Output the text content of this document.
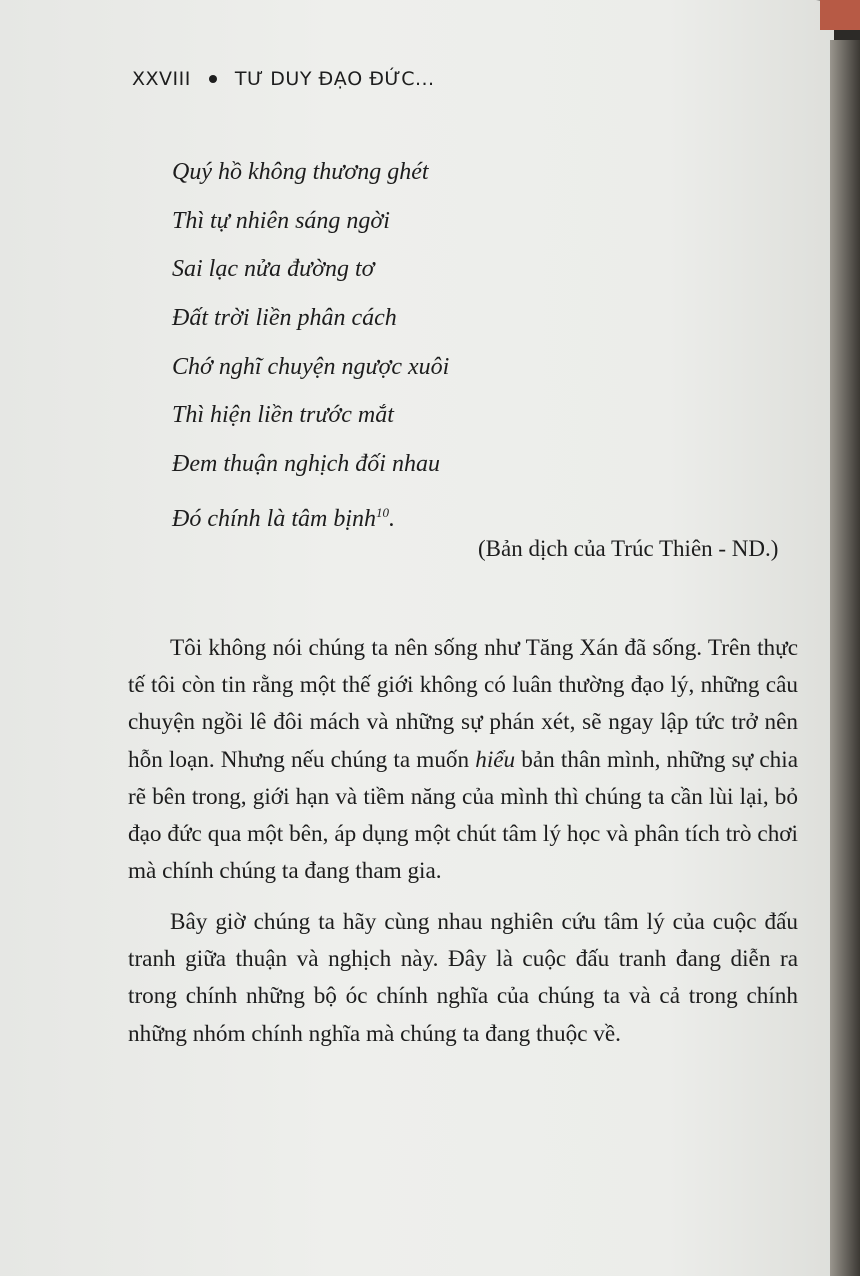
XXVIII TƯ DUY ĐẠO ĐỨC...
Quý hồ không thương ghét
Thì tự nhiên sáng ngời
Sai lạc nửa đường tơ
Đất trời liền phân cách
Chớ nghĩ chuyện ngược xuôi
Thì hiện liền trước mắt
Đem thuận nghịch đối nhau
Đó chính là tâm bịnh$^{10}$.
(Bản dịch của Trúc Thiên - ND.)
Tôi không nói chúng ta nên sống như Tăng Xán đã sống. Trên thực tế tôi còn tin rằng một thế giới không có luân thường đạo lý, những câu chuyện ngồi lê đôi mách và những sự phán xét, sẽ ngay lập tức trở nên hỗn loạn. Nhưng nếu chúng ta muốn hiểu bản thân mình, những sự chia rẽ bên trong, giới hạn và tiềm năng của mình thì chúng ta cần lùi lại, bỏ đạo đức qua một bên, áp dụng một chút tâm lý học và phân tích trò chơi mà chính chúng ta đang tham gia.
Bây giờ chúng ta hãy cùng nhau nghiên cứu tâm lý của cuộc đấu tranh giữa thuận và nghịch này. Đây là cuộc đấu tranh đang diễn ra trong chính những bộ óc chính nghĩa của chúng ta và cả trong chính những nhóm chính nghĩa mà chúng ta đang thuộc về.
